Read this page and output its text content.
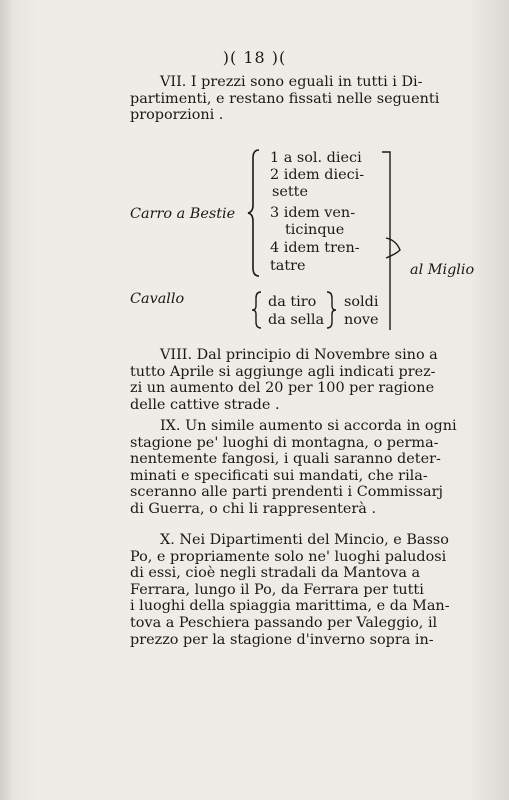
)( 18 )(
VII. I prezzi sono eguali in tutti i Di-
partimenti, e restano fissati nelle seguenti
proporzioni .
Carro a Bestie
1 a sol. dieci
2 idem dieci-
sette
3 idem ven-
ticinque
4 idem tren-
tatre	al Miglio
Cavallo	da tiro
da sella
soldi
nove
VIII. Dal principio di Novembre sino a
tutto Aprile si aggiunge agli indicati prez-
zi un aumento del 20 per 100 per ragione
delle cattive strade .
IX. Un simile aumento si accorda in ogni
stagione pe' luoghi di montagna, o perma-
nentemente fangosi, i quali saranno deter-
minati e specificati sui mandati, che rila-
sceranno alle parti prendenti i Commissarj
di Guerra, o chi li rappresenterà .
X. Nei Dipartimenti del Mincio, e Basso
Po, e propriamente solo ne' luoghi paludosi
di essi, cioè negli stradali da Mantova a
Ferrara, lungo il Po, da Ferrara per tutti
i luoghi della spiaggia marittima, e da Man-
tova a Peschiera passando per Valeggio, il
prezzo per la stagione d'inverno sopra in-
